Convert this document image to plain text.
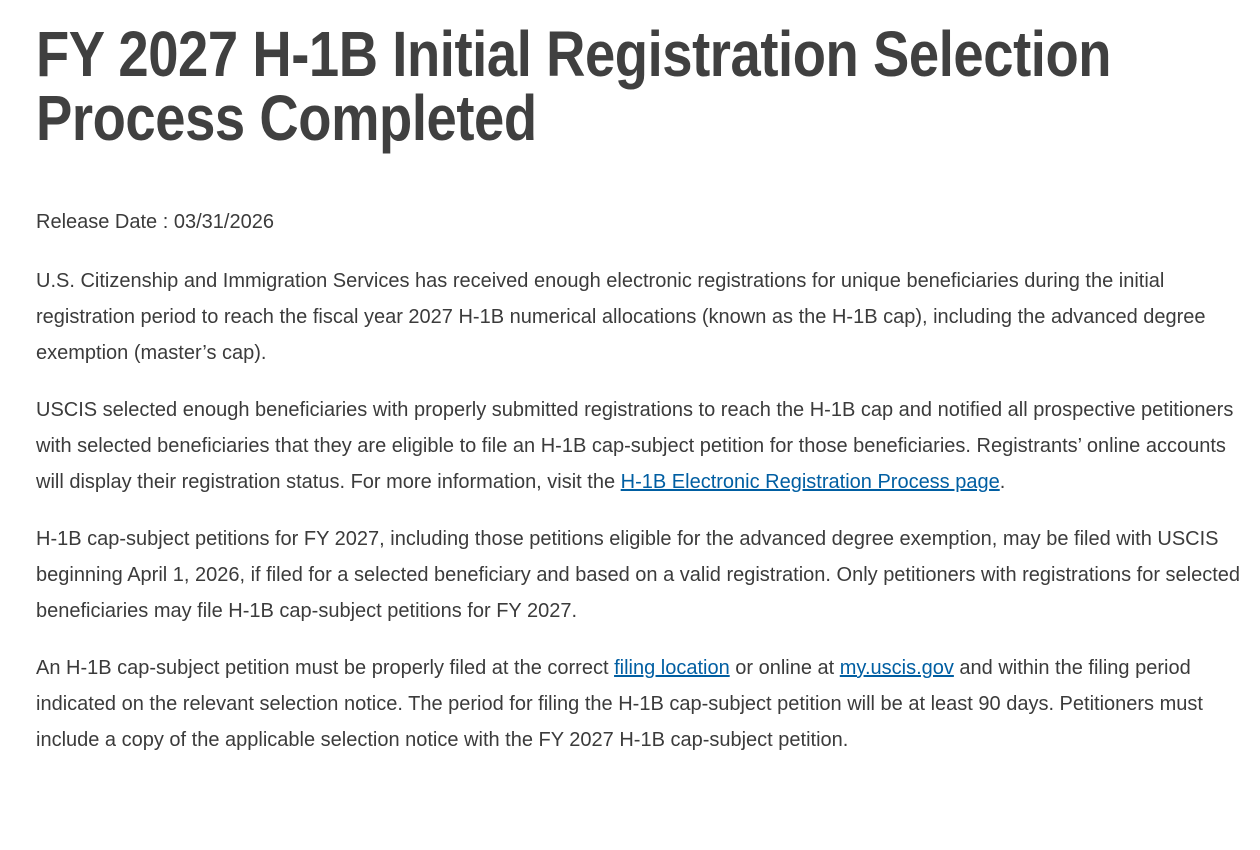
FY 2027 H-1B Initial Registration Selection Process Completed

Release Date : 03/31/2026

U.S. Citizenship and Immigration Services has received enough electronic registrations for unique beneficiaries during the initial registration period to reach the fiscal year 2027 H-1B numerical allocations (known as the H-1B cap), including the advanced degree exemption (master’s cap).

USCIS selected enough beneficiaries with properly submitted registrations to reach the H-1B cap and notified all prospective petitioners with selected beneficiaries that they are eligible to file an H-1B cap-subject petition for those beneficiaries. Registrants’ online accounts will display their registration status. For more information, visit the H-1B Electronic Registration Process page.

H-1B cap-subject petitions for FY 2027, including those petitions eligible for the advanced degree exemption, may be filed with USCIS beginning April 1, 2026, if filed for a selected beneficiary and based on a valid registration. Only petitioners with registrations for selected beneficiaries may file H-1B cap-subject petitions for FY 2027.

An H-1B cap-subject petition must be properly filed at the correct filing location or online at my.uscis.gov and within the filing period indicated on the relevant selection notice. The period for filing the H-1B cap-subject petition will be at least 90 days. Petitioners must include a copy of the applicable selection notice with the FY 2027 H-1B cap-subject petition.
